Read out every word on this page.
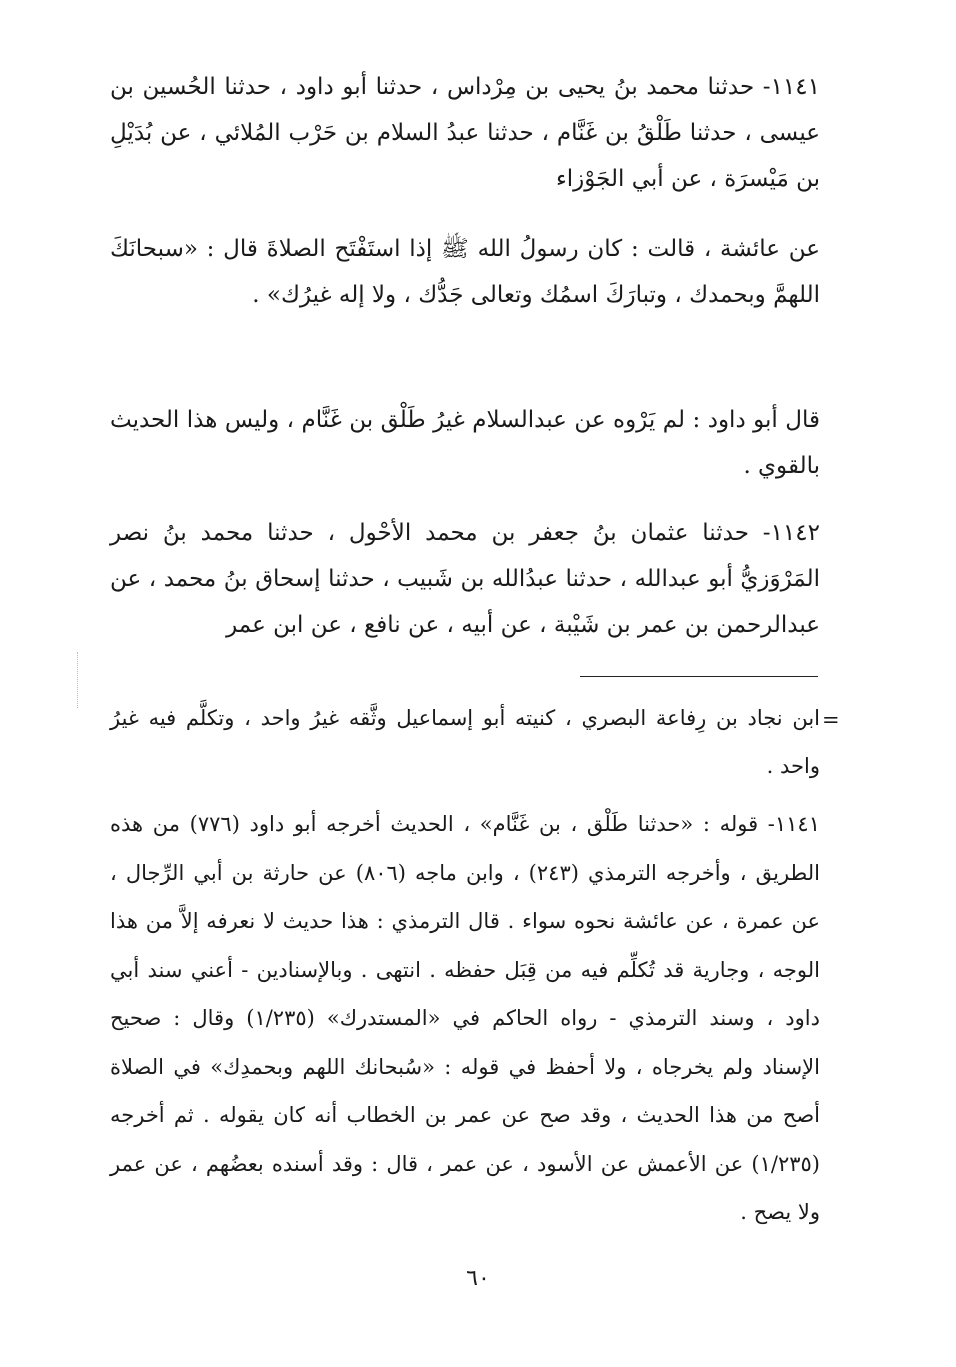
١١٤١- حدثنا محمد بنُ يحيى بن مِرْداس ، حدثنا أبو داود ، حدثنا الحُسين بن عيسى ، حدثنا طَلْقُ بن غَنَّام ، حدثنا عبدُ السلام بن حَرْب المُلائي ، عن بُدَيْلِ بن مَيْسرَة ، عن أبي الجَوْزاء

عن عائشة ، قالت : كان رسولُ الله ﷺ إذا استَفْتَح الصلاةَ قال : «سبحانَكَ اللهمَّ وبحمدك ، وتبارَكَ اسمُك وتعالى جَدُّك ، ولا إله غيرُك» .

قال أبو داود : لم يَرْوه عن عبدالسلام غيرُ طَلْق بن غَنَّام ، وليس هذا الحديث بالقوي .

١١٤٢- حدثنا عثمان بنُ جعفر بن محمد الأحْول ، حدثنا محمد بنُ نصر المَرْوَزيُّ أبو عبدالله ، حدثنا عبدُالله بن شَبيب ، حدثنا إسحاق بنُ محمد ، عن عبدالرحمن بن عمر بن شَيْبة ، عن أبيه ، عن نافع ، عن ابن عمر

=

ابن نجاد بن رِفاعة البصري ، كنيته أبو إسماعيل وثَّقه غيرُ واحد ، وتكلَّم فيه غيرُ واحد .

١١٤١- قوله : «حدثنا طَلْق ، بن غَنَّام» ، الحديث أخرجه أبو داود (٧٧٦) من هذه الطريق ، وأخرجه الترمذي (٢٤٣) ، وابن ماجه (٨٠٦) عن حارثة بن أبي الرِّجال ، عن عمرة ، عن عائشة نحوه سواء . قال الترمذي : هذا حديث لا نعرفه إلاَّ من هذا الوجه ، وجارية قد تُكلِّم فيه من قِبَل حفظه . انتهى . وبالإسنادين - أعني سند أبي داود ، وسند الترمذي - رواه الحاكم في «المستدرك» (١/٢٣٥) وقال : صحيح الإسناد ولم يخرجاه ، ولا أحفظ في قوله : «سُبحانك اللهم وبحمدِك» في الصلاة أصح من هذا الحديث ، وقد صح عن عمر بن الخطاب أنه كان يقوله . ثم أخرجه (١/٢٣٥) عن الأعمش عن الأسود ، عن عمر ، قال : وقد أسنده بعضُهم ، عن عمر ولا يصح .

٦٠
